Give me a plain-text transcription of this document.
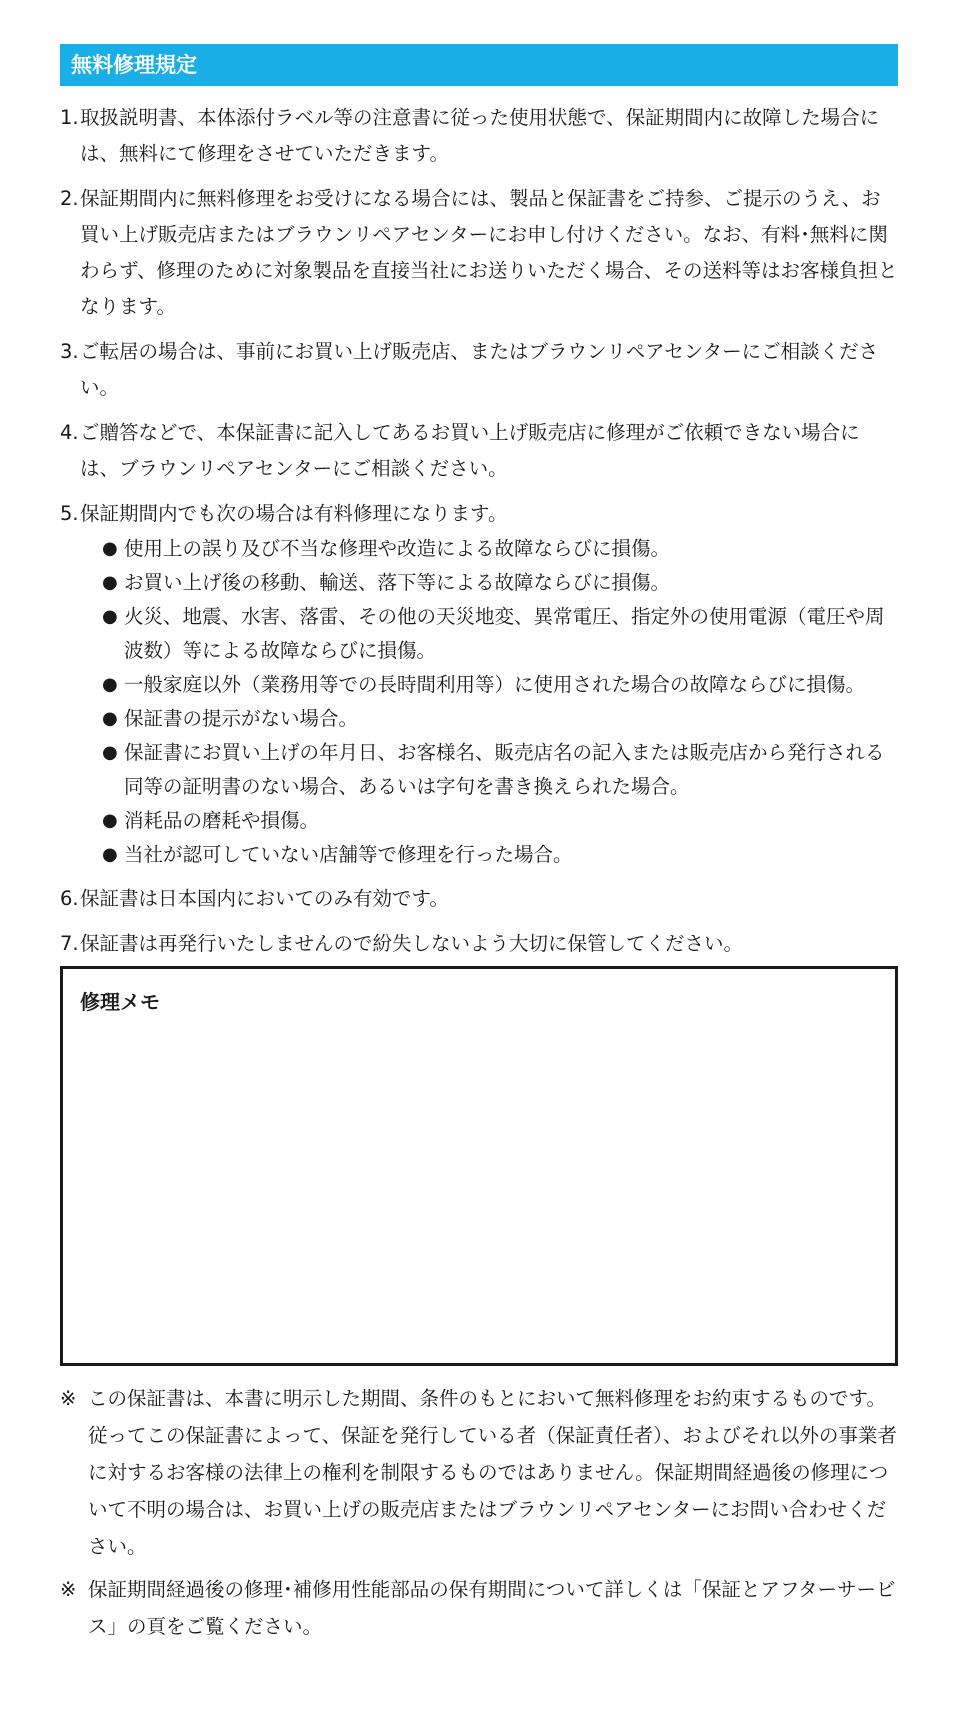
無料修理規定
1. 取扱説明書、本体添付ラベル等の注意書に従った使用状態で、保証期間内に故障した場合には、無料にて修理をさせていただきます。
2. 保証期間内に無料修理をお受けになる場合には、製品と保証書をご持参、ご提示のうえ、お買い上げ販売店またはブラウンリペアセンターにお申し付けください。なお、有料･無料に関わらず、修理のために対象製品を直接当社にお送りいただく場合、その送料等はお客様負担となります。
3. ご転居の場合は、事前にお買い上げ販売店、またはブラウンリペアセンターにご相談ください。
4. ご贈答などで、本保証書に記入してあるお買い上げ販売店に修理がご依頼できない場合には、ブラウンリペアセンターにご相談ください。
5. 保証期間内でも次の場合は有料修理になります。
● 使用上の誤り及び不当な修理や改造による故障ならびに損傷。
● お買い上げ後の移動、輸送、落下等による故障ならびに損傷。
● 火災、地震、水害、落雷、その他の天災地変、異常電圧、指定外の使用電源（電圧や周波数）等による故障ならびに損傷。
● 一般家庭以外（業務用等での長時間利用等）に使用された場合の故障ならびに損傷。
● 保証書の提示がない場合。
● 保証書にお買い上げの年月日、お客様名、販売店名の記入または販売店から発行される同等の証明書のない場合、あるいは字句を書き換えられた場合。
● 消耗品の磨耗や損傷。
● 当社が認可していない店舗等で修理を行った場合。
6. 保証書は日本国内においてのみ有効です。
7. 保証書は再発行いたしませんので紛失しないよう大切に保管してください。
修理メモ
※ この保証書は、本書に明示した期間、条件のもとにおいて無料修理をお約束するものです。従ってこの保証書によって、保証を発行している者（保証責任者）、およびそれ以外の事業者に対するお客様の法律上の権利を制限するものではありません。保証期間経過後の修理について不明の場合は、お買い上げの販売店またはブラウンリペアセンターにお問い合わせください。
※ 保証期間経過後の修理･補修用性能部品の保有期間について詳しくは「保証とアフターサービス」の頁をご覧ください。
